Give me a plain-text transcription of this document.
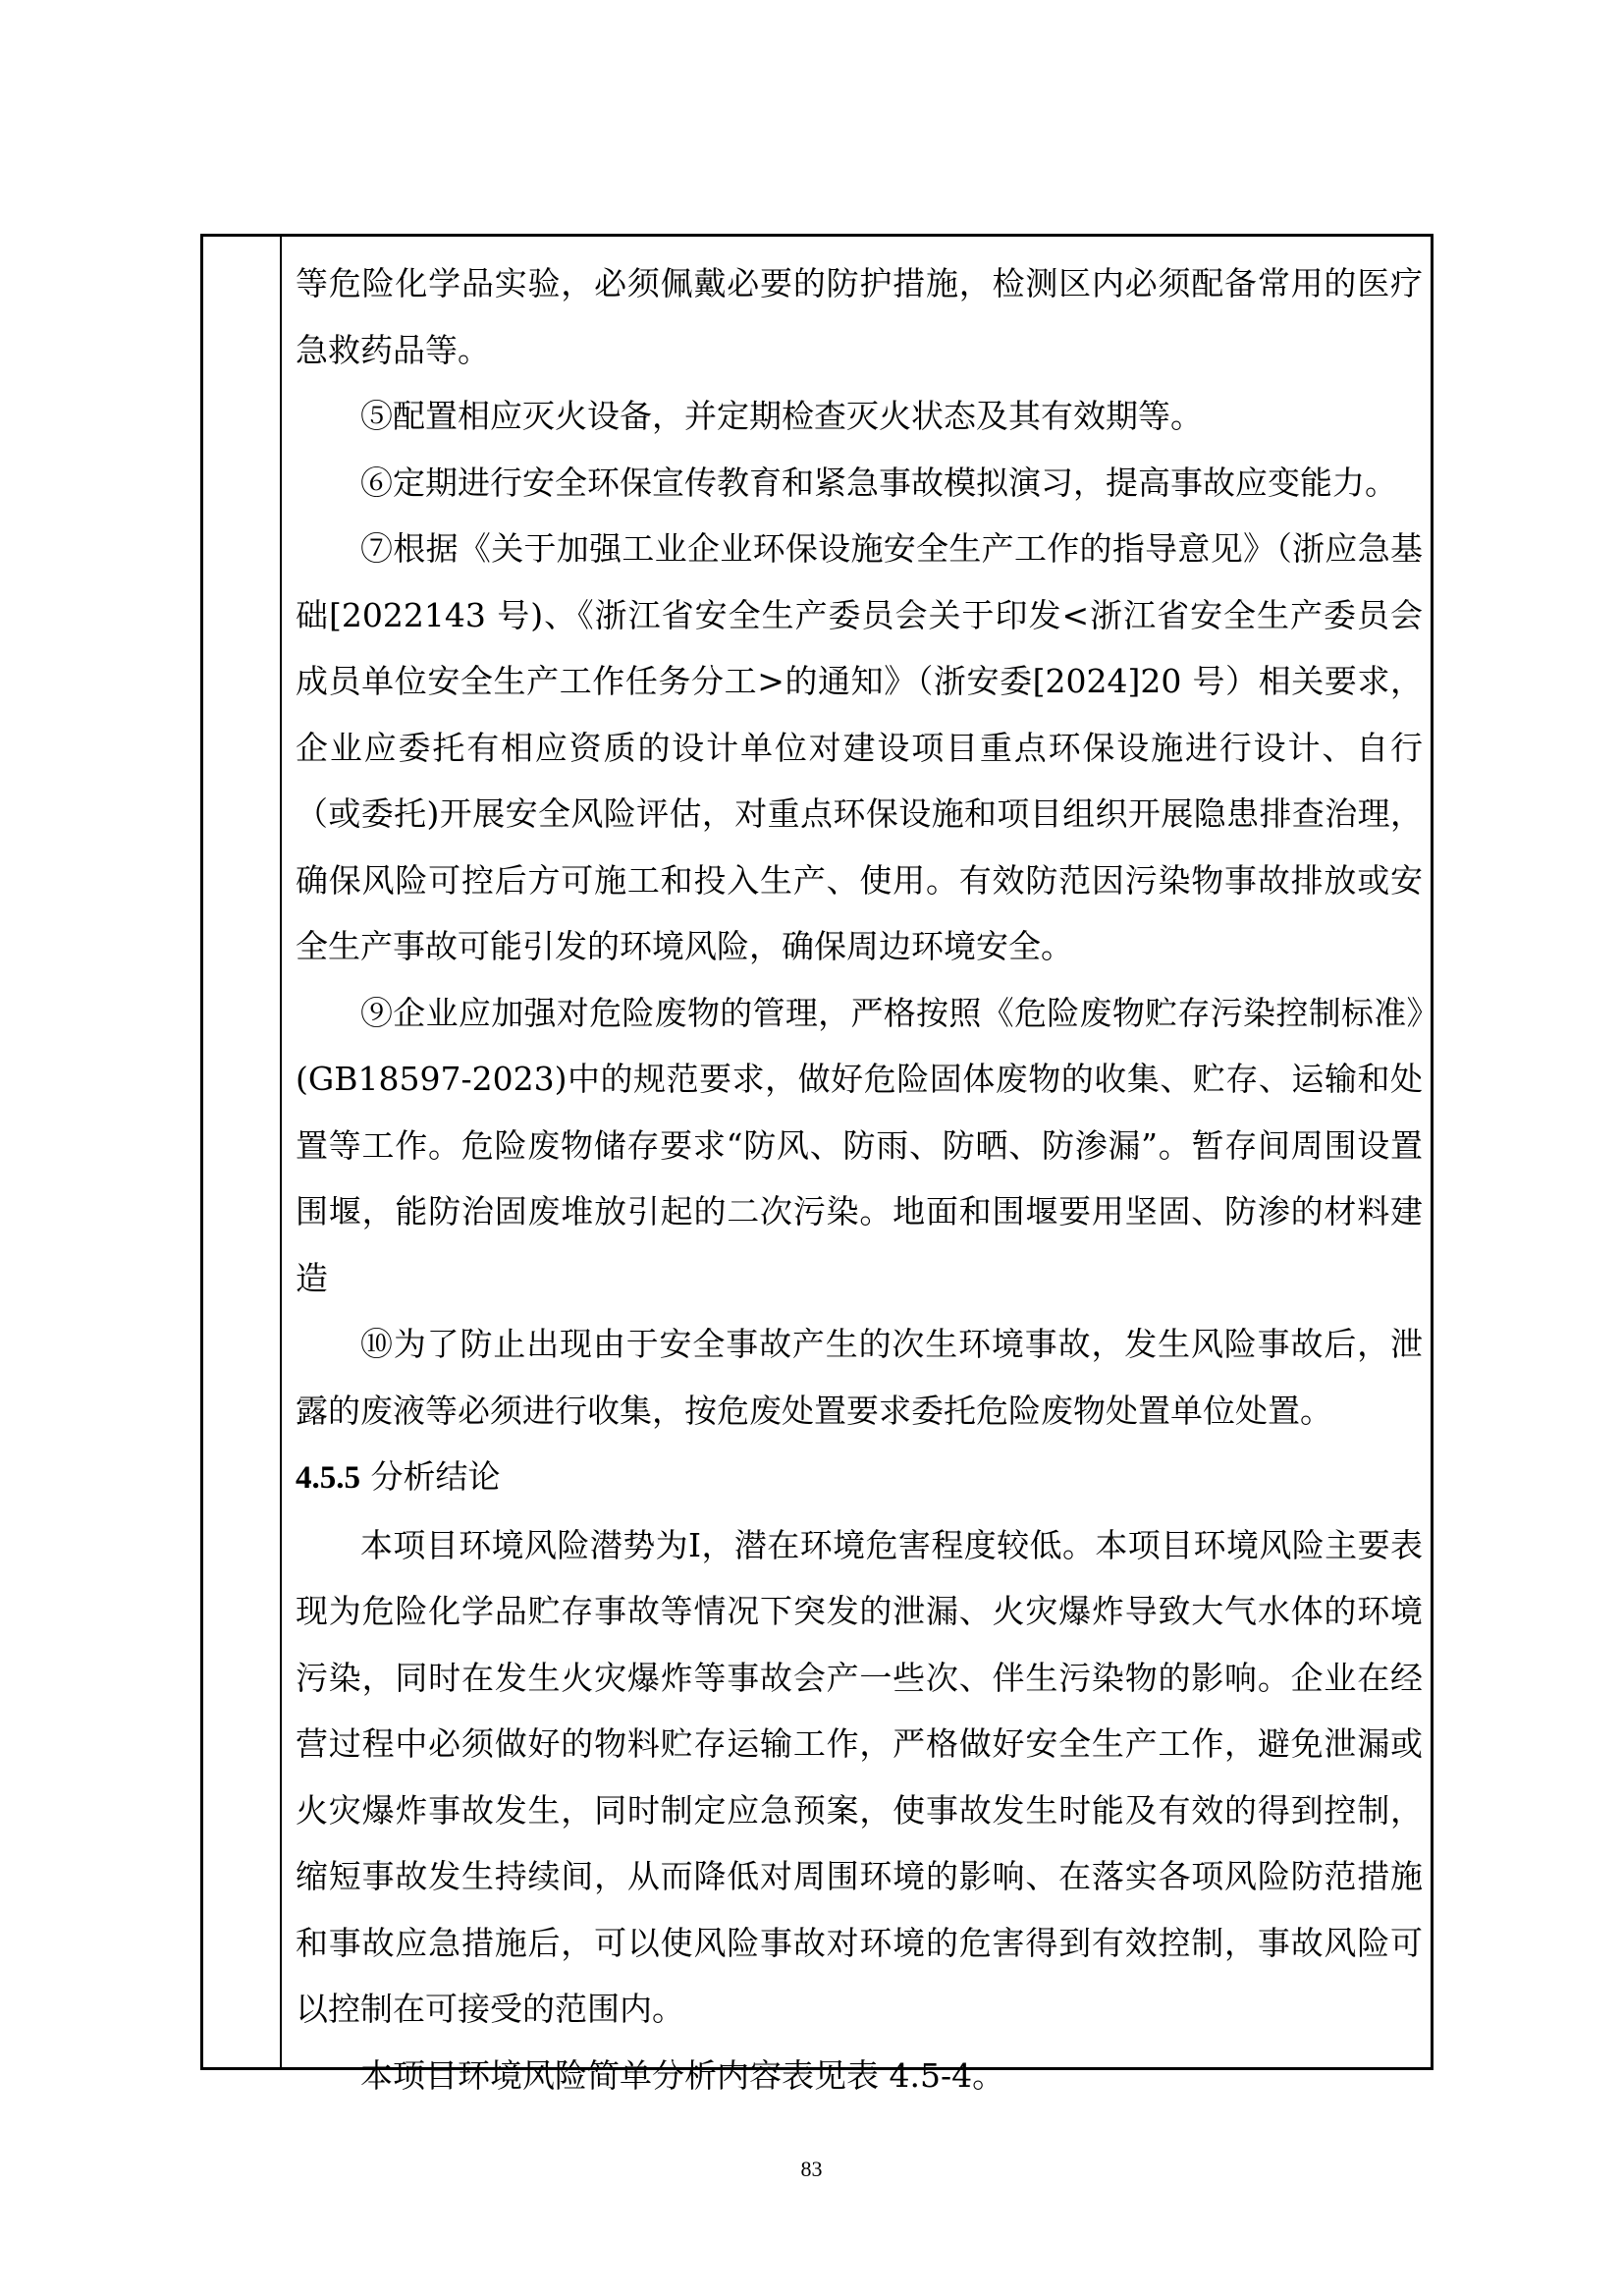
等危险化学品实验，必须佩戴必要的防护措施，检测区内必须配备常用的医疗急救药品等。

⑤配置相应灭火设备，并定期检查灭火状态及其有效期等。

⑥定期进行安全环保宣传教育和紧急事故模拟演习，提高事故应变能力。

⑦根据《关于加强工业企业环保设施安全生产工作的指导意见》（浙应急基础[2022143 号)、《浙江省安全生产委员会关于印发<浙江省安全生产委员会成员单位安全生产工作任务分工>的通知》（浙安委[2024]20 号）相关要求，企业应委托有相应资质的设计单位对建设项目重点环保设施进行设计、自行（或委托)开展安全风险评估，对重点环保设施和项目组织开展隐患排查治理，确保风险可控后方可施工和投入生产、使用。有效防范因污染物事故排放或安全生产事故可能引发的环境风险，确保周边环境安全。

⑨企业应加强对危险废物的管理，严格按照《危险废物贮存污染控制标准》(GB18597-2023)中的规范要求，做好危险固体废物的收集、贮存、运输和处置等工作。危险废物储存要求“防风、防雨、防晒、防渗漏”。暂存间周围设置围堰，能防治固废堆放引起的二次污染。地面和围堰要用坚固、防渗的材料建造

⑩为了防止出现由于安全事故产生的次生环境事故，发生风险事故后，泄露的废液等必须进行收集，按危废处置要求委托危险废物处置单位处置。

4.5.5 分析结论

本项目环境风险潜势为Ⅰ，潜在环境危害程度较低。本项目环境风险主要表现为危险化学品贮存事故等情况下突发的泄漏、火灾爆炸导致大气水体的环境污染，同时在发生火灾爆炸等事故会产一些次、伴生污染物的影响。企业在经营过程中必须做好的物料贮存运输工作，严格做好安全生产工作，避免泄漏或火灾爆炸事故发生，同时制定应急预案，使事故发生时能及有效的得到控制，缩短事故发生持续间，从而降低对周围环境的影响、在落实各项风险防范措施和事故应急措施后，可以使风险事故对环境的危害得到有效控制，事故风险可以控制在可接受的范围内。

本项目环境风险简单分析内容表见表 4.5-4。

83
